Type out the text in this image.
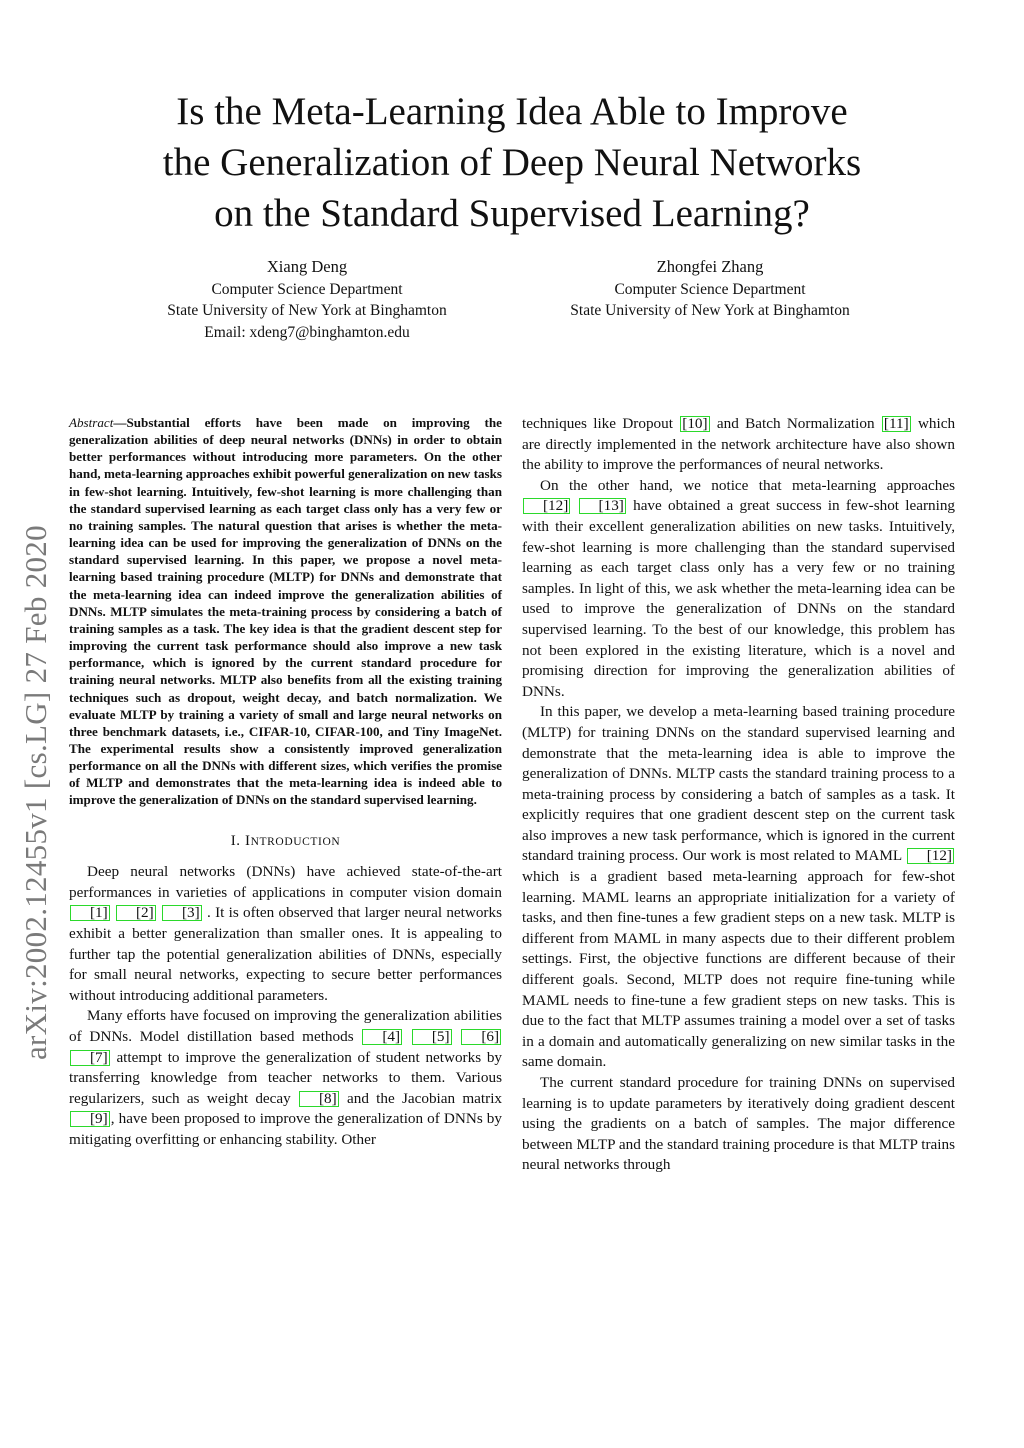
Is the Meta-Learning Idea Able to Improve
the Generalization of Deep Neural Networks
on the Standard Supervised Learning?
Xiang Deng
Computer Science Department
State University of New York at Binghamton
Email: xdeng7@binghamton.edu
Zhongfei Zhang
Computer Science Department
State University of New York at Binghamton
arXiv:2002.12455v1 [cs.LG] 27 Feb 2020

Abstract—Substantial efforts have been made on improving the generalization abilities of deep neural networks (DNNs) in order to obtain better performances without introducing more parameters. On the other hand, meta-learning approaches exhibit powerful generalization on new tasks in few-shot learning. Intuitively, few-shot learning is more challenging than the standard supervised learning as each target class only has a very few or no training samples. The natural question that arises is whether the meta-learning idea can be used for improving the generalization of DNNs on the standard supervised learning. In this paper, we propose a novel meta-learning based training procedure (MLTP) for DNNs and demonstrate that the meta-learning idea can indeed improve the generalization abilities of DNNs. MLTP simulates the meta-training process by considering a batch of training samples as a task. The key idea is that the gradient descent step for improving the current task performance should also improve a new task performance, which is ignored by the current standard procedure for training neural networks. MLTP also benefits from all the existing training techniques such as dropout, weight decay, and batch normalization. We evaluate MLTP by training a variety of small and large neural networks on three benchmark datasets, i.e., CIFAR-10, CIFAR-100, and Tiny ImageNet. The experimental results show a consistently improved generalization performance on all the DNNs with different sizes, which verifies the promise of MLTP and demonstrates that the meta-learning idea is indeed able to improve the generalization of DNNs on the standard supervised learning.

I. INTRODUCTION

Deep neural networks (DNNs) have achieved state-of-the-art performances in varieties of applications in computer vision domain [1] [2] [3] . It is often observed that larger neural networks exhibit a better generalization than smaller ones. It is appealing to further tap the potential generalization abilities of DNNs, especially for small neural networks, expecting to secure better performances without introducing additional parameters.

Many efforts have focused on improving the generalization abilities of DNNs. Model distillation based methods [4] [5] [6] [7] attempt to improve the generalization of student networks by transferring knowledge from teacher networks to them. Various regularizers, such as weight decay [8] and the Jacobian matrix [9] , have been proposed to improve the generalization of DNNs by mitigating overfitting or enhancing stability. Other

techniques like Dropout [10] and Batch Normalization [11] which are directly implemented in the network architecture have also shown the ability to improve the performances of neural networks.

On the other hand, we notice that meta-learning approaches [12] [13] have obtained a great success in few-shot learning with their excellent generalization abilities on new tasks. Intuitively, few-shot learning is more challenging than the standard supervised learning as each target class only has a very few or no training samples. In light of this, we ask whether the meta-learning idea can be used to improve the generalization of DNNs on the standard supervised learning. To the best of our knowledge, this problem has not been explored in the existing literature, which is a novel and promising direction for improving the generalization abilities of DNNs.

In this paper, we develop a meta-learning based training procedure (MLTP) for training DNNs on the standard supervised learning and demonstrate that the meta-learning idea is able to improve the generalization of DNNs. MLTP casts the standard training process to a meta-training process by considering a batch of samples as a task. It explicitly requires that one gradient descent step on the current task also improves a new task performance, which is ignored in the current standard training process. Our work is most related to MAML [12] which is a gradient based meta-learning approach for few-shot learning. MAML learns an appropriate initialization for a variety of tasks, and then fine-tunes a few gradient steps on a new task. MLTP is different from MAML in many aspects due to their different problem settings. First, the objective functions are different because of their different goals. Second, MLTP does not require fine-tuning while MAML needs to fine-tune a few gradient steps on new tasks. This is due to the fact that MLTP assumes training a model over a set of tasks in a domain and automatically generalizing on new similar tasks in the same domain.

The current standard procedure for training DNNs on supervised learning is to update parameters by iteratively doing gradient descent using the gradients on a batch of samples. The major difference between MLTP and the standard training procedure is that MLTP trains neural networks through
